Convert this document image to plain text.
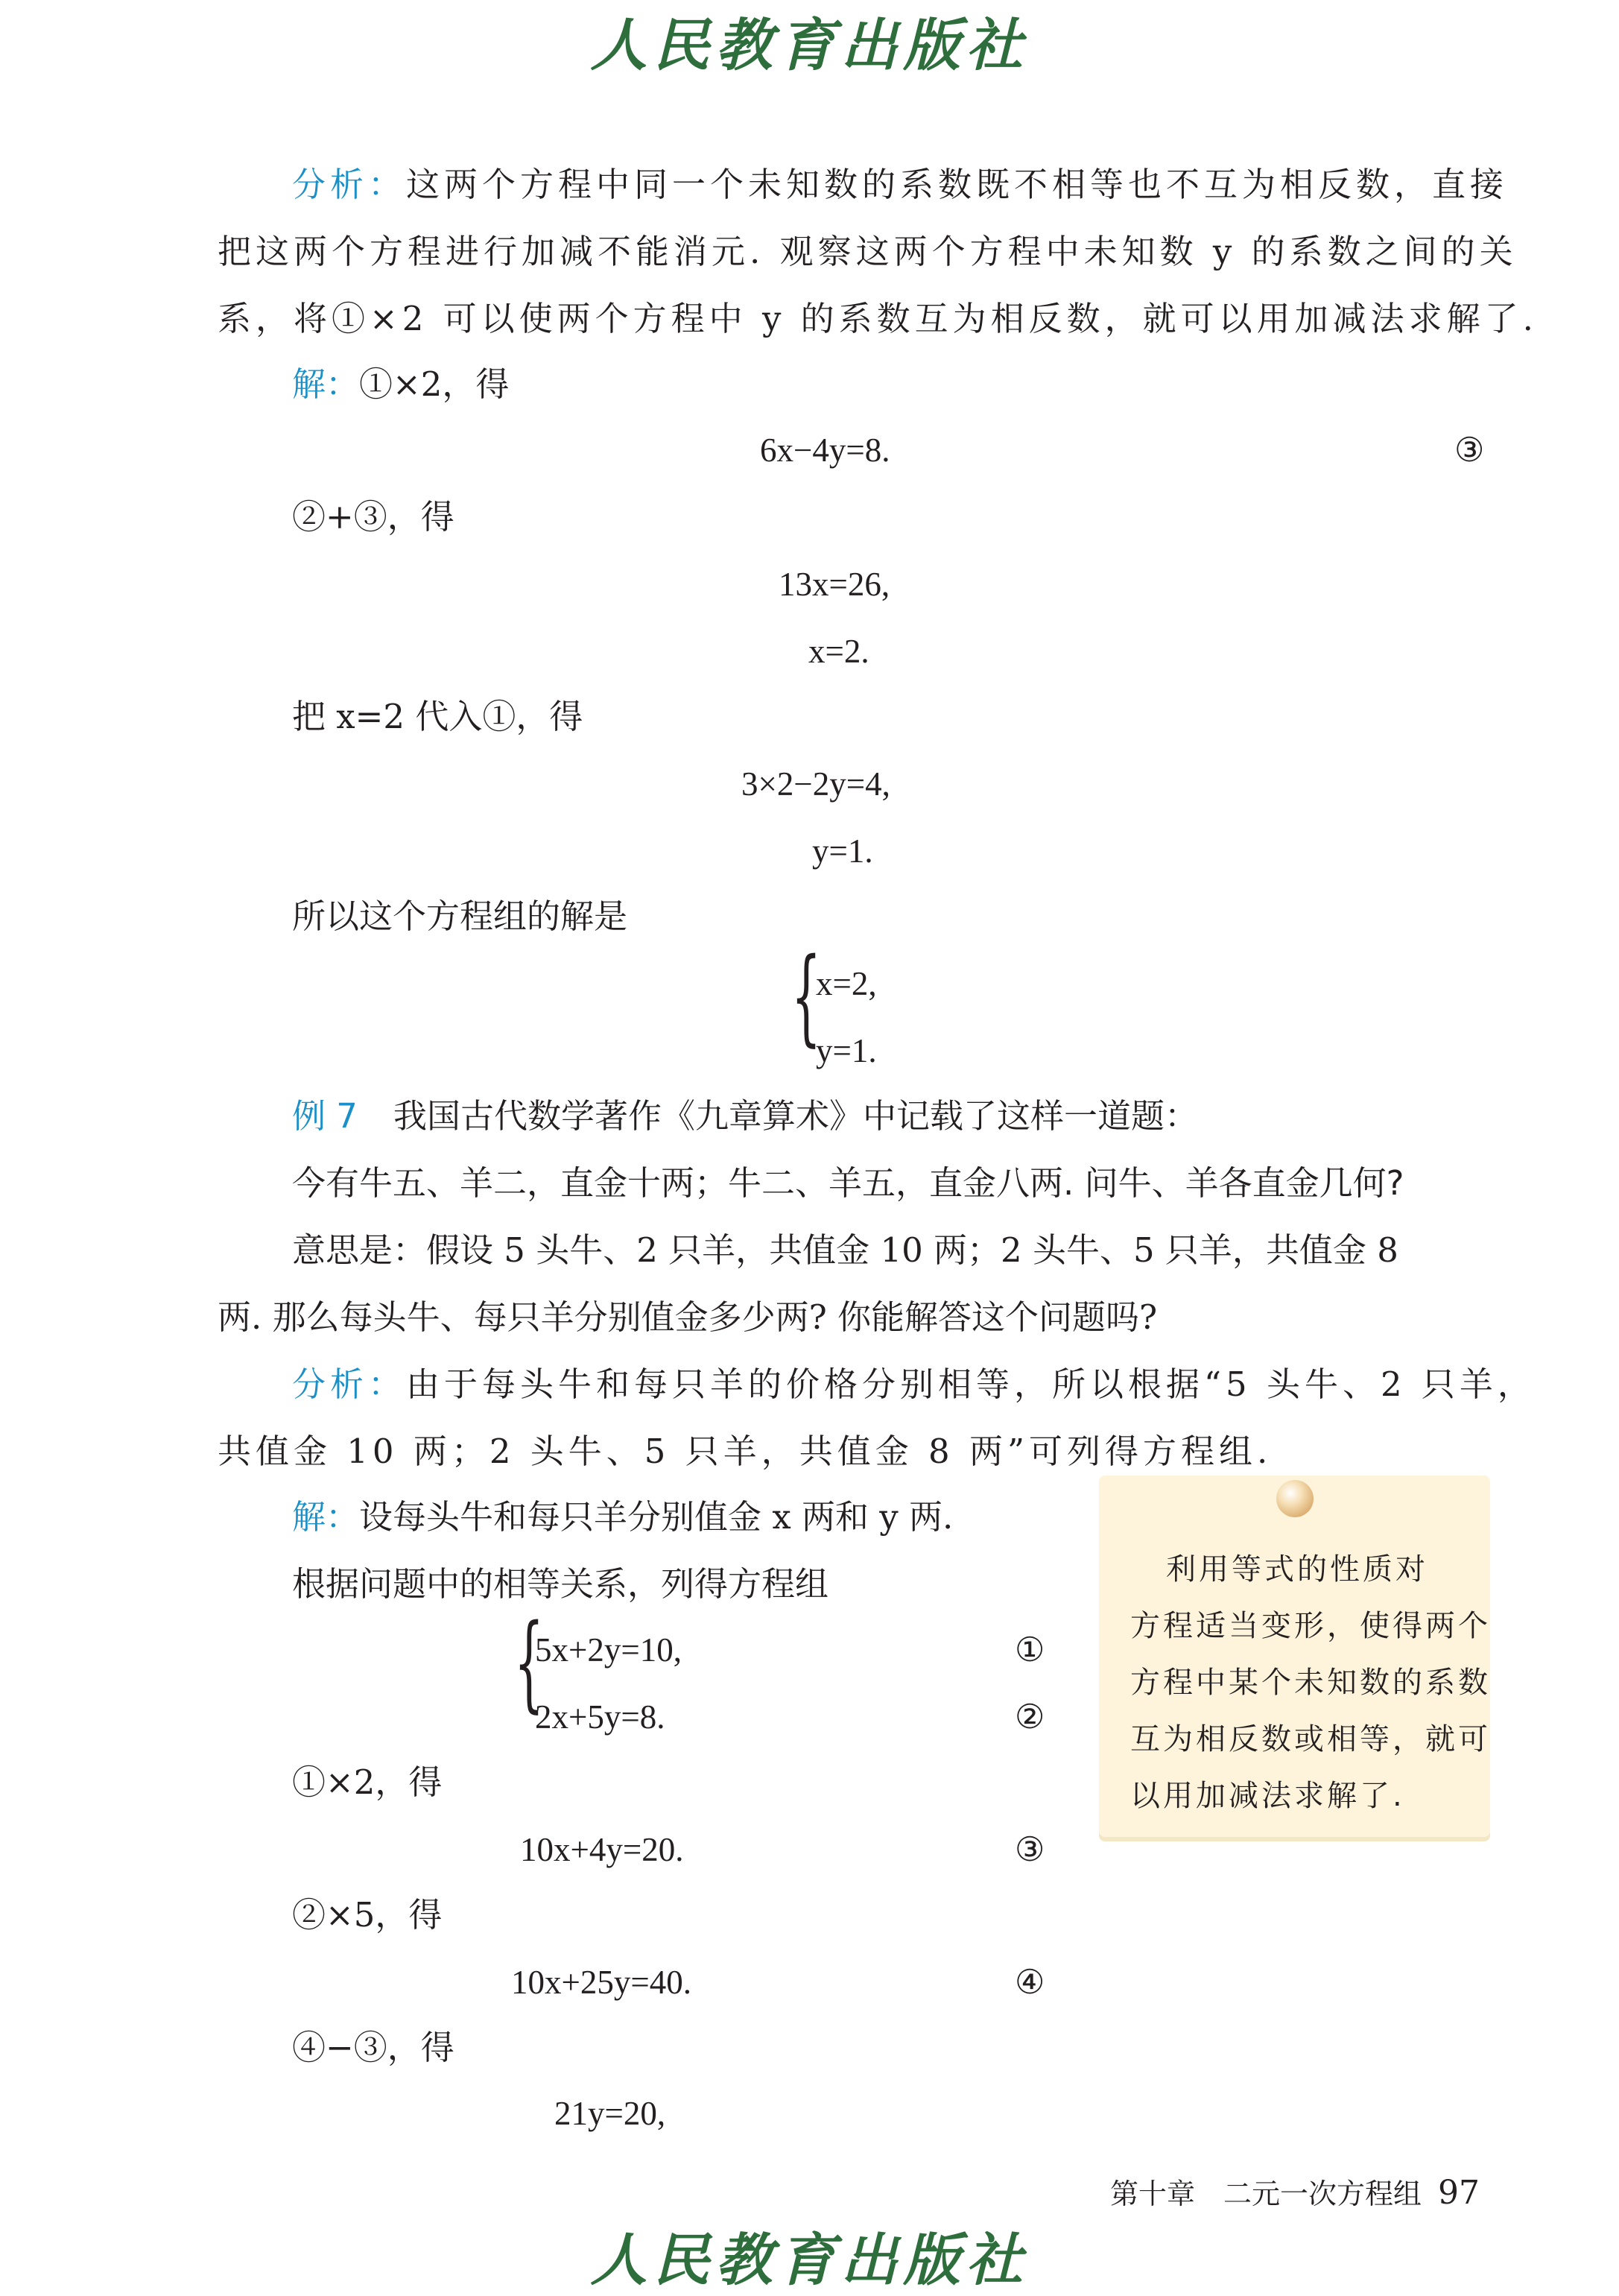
人民教育出版社
分析：这两个方程中同一个未知数的系数既不相等也不互为相反数，直接
把这两个方程进行加减不能消元. 观察这两个方程中未知数 y 的系数之间的关
系，将①×2 可以使两个方程中 y 的系数互为相反数，就可以用加减法求解了.
解：①×2，得
6x−4y=8.	③
②+③，得
13x=26,
x=2.
把 x=2 代入①，得
3×2−2y=4,
y=1.
所以这个方程组的解是
{
x=2,
y=1.
例 7 我国古代数学著作《九章算术》中记载了这样一道题：
今有牛五、羊二，直金十两；牛二、羊五，直金八两. 问牛、羊各直金几何?
意思是：假设 5 头牛、2 只羊，共值金 10 两；2 头牛、5 只羊，共值金 8
两. 那么每头牛、每只羊分别值金多少两? 你能解答这个问题吗?
分析：由于每头牛和每只羊的价格分别相等，所以根据“5 头牛、2 只羊，
共值金 10 两；2 头牛、5 只羊，共值金 8 两”可列得方程组.
解：设每头牛和每只羊分别值金 x 两和 y 两.
根据问题中的相等关系，列得方程组
{
5x+2y=10,	①
2x+5y=8.	②
①×2，得
10x+4y=20.	③
②×5，得
10x+25y=40.	④
④−③，得
21y=20,
利用等式的性质对
方程适当变形，使得两个
方程中某个未知数的系数
互为相反数或相等，就可
以用加减法求解了.
第十章　二元一次方程组 97
人民教育出版社
